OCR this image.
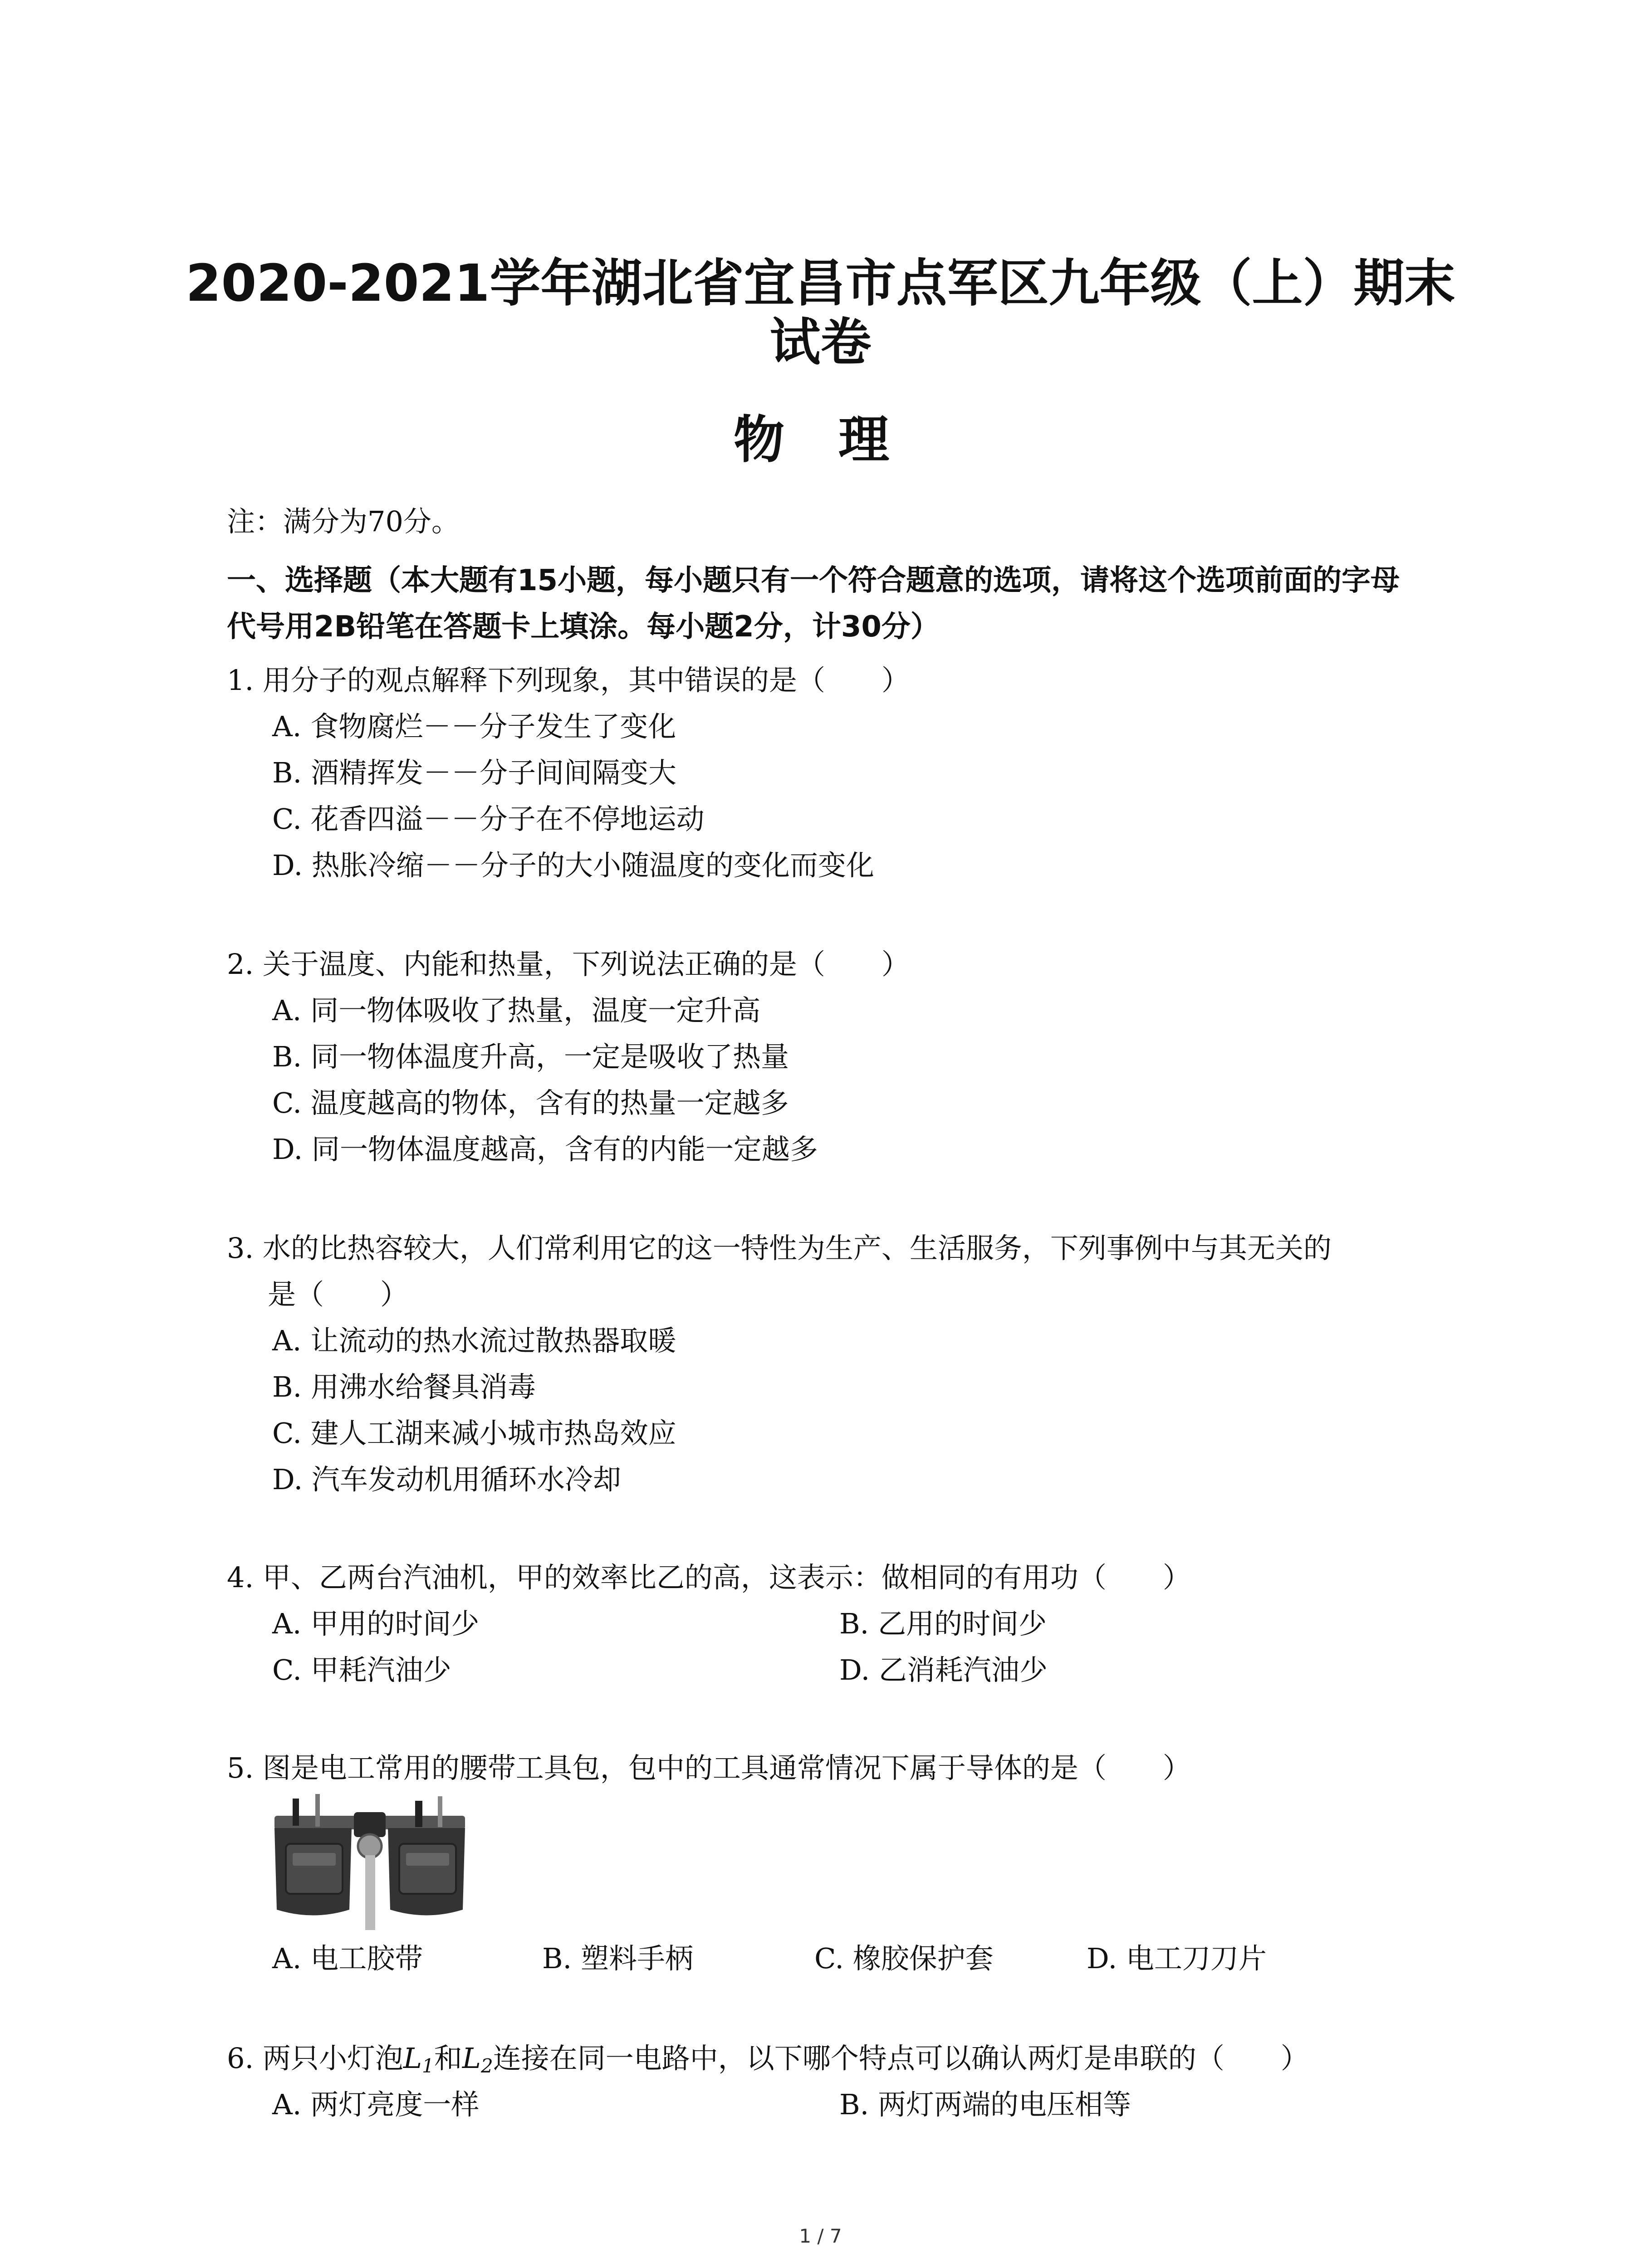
2020-2021学年湖北省宜昌市点军区九年级（上）期末
试卷
物 理
注：满分为70分。
一、选择题（本大题有15小题，每小题只有一个符合题意的选项，请将这个选项前面的字母
代号用2B铅笔在答题卡上填涂。每小题2分，计30分）
1. 用分子的观点解释下列现象，其中错误的是（　　）
A. 食物腐烂－－分子发生了变化
B. 酒精挥发－－分子间间隔变大
C. 花香四溢－－分子在不停地运动
D. 热胀冷缩－－分子的大小随温度的变化而变化
2. 关于温度、内能和热量，下列说法正确的是（　　）
A. 同一物体吸收了热量，温度一定升高
B. 同一物体温度升高，一定是吸收了热量
C. 温度越高的物体，含有的热量一定越多
D. 同一物体温度越高，含有的内能一定越多
3. 水的比热容较大，人们常利用它的这一特性为生产、生活服务，下列事例中与其无关的
是（　　）
A. 让流动的热水流过散热器取暖
B. 用沸水给餐具消毒
C. 建人工湖来减小城市热岛效应
D. 汽车发动机用循环水冷却
4. 甲、乙两台汽油机，甲的效率比乙的高，这表示：做相同的有用功（　　）
A. 甲用的时间少	B. 乙用的时间少
C. 甲耗汽油少	D. 乙消耗汽油少
5. 图是电工常用的腰带工具包，包中的工具通常情况下属于导体的是（　　）
A. 电工胶带	B. 塑料手柄	C. 橡胶保护套	D. 电工刀刀片
6. 两只小灯泡$L_1$和$L_2$连接在同一电路中，以下哪个特点可以确认两灯是串联的（　　）
A. 两灯亮度一样	B. 两灯两端的电压相等
1 / 7
